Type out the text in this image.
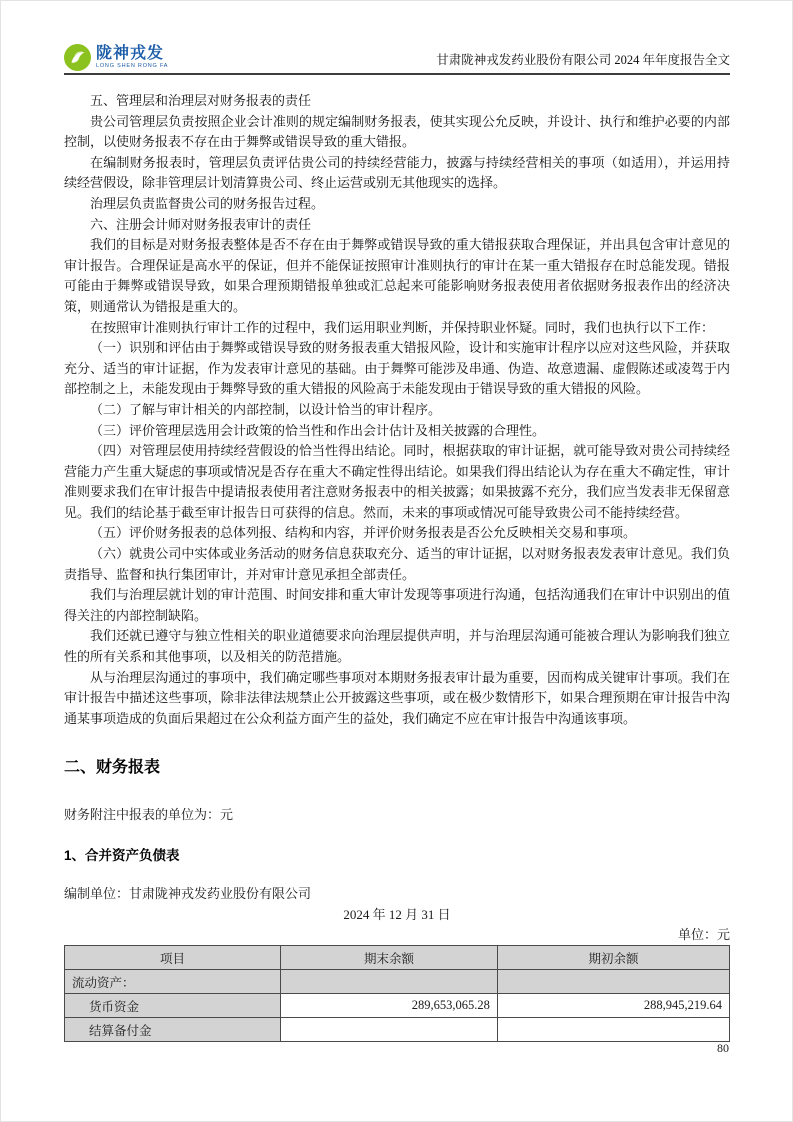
陇神戎发
LONG SHEN RONG FA	甘肃陇神戎发药业股份有限公司 2024 年年度报告全文

五、管理层和治理层对财务报表的责任

贵公司管理层负责按照企业会计准则的规定编制财务报表，使其实现公允反映，并设计、执行和维护必要的内部控制，以使财务报表不存在由于舞弊或错误导致的重大错报。

在编制财务报表时，管理层负责评估贵公司的持续经营能力，披露与持续经营相关的事项（如适用），并运用持续经营假设，除非管理层计划清算贵公司、终止运营或别无其他现实的选择。

治理层负责监督贵公司的财务报告过程。

六、注册会计师对财务报表审计的责任

我们的目标是对财务报表整体是否不存在由于舞弊或错误导致的重大错报获取合理保证，并出具包含审计意见的审计报告。合理保证是高水平的保证，但并不能保证按照审计准则执行的审计在某一重大错报存在时总能发现。错报可能由于舞弊或错误导致，如果合理预期错报单独或汇总起来可能影响财务报表使用者依据财务报表作出的经济决策，则通常认为错报是重大的。

在按照审计准则执行审计工作的过程中，我们运用职业判断，并保持职业怀疑。同时，我们也执行以下工作：

（一）识别和评估由于舞弊或错误导致的财务报表重大错报风险，设计和实施审计程序以应对这些风险，并获取充分、适当的审计证据，作为发表审计意见的基础。由于舞弊可能涉及串通、伪造、故意遗漏、虚假陈述或凌驾于内部控制之上，未能发现由于舞弊导致的重大错报的风险高于未能发现由于错误导致的重大错报的风险。

（二）了解与审计相关的内部控制，以设计恰当的审计程序。

（三）评价管理层选用会计政策的恰当性和作出会计估计及相关披露的合理性。

（四）对管理层使用持续经营假设的恰当性得出结论。同时，根据获取的审计证据，就可能导致对贵公司持续经营能力产生重大疑虑的事项或情况是否存在重大不确定性得出结论。如果我们得出结论认为存在重大不确定性，审计准则要求我们在审计报告中提请报表使用者注意财务报表中的相关披露；如果披露不充分，我们应当发表非无保留意见。我们的结论基于截至审计报告日可获得的信息。然而，未来的事项或情况可能导致贵公司不能持续经营。

（五）评价财务报表的总体列报、结构和内容，并评价财务报表是否公允反映相关交易和事项。

（六）就贵公司中实体或业务活动的财务信息获取充分、适当的审计证据，以对财务报表发表审计意见。我们负责指导、监督和执行集团审计，并对审计意见承担全部责任。

我们与治理层就计划的审计范围、时间安排和重大审计发现等事项进行沟通，包括沟通我们在审计中识别出的值得关注的内部控制缺陷。

我们还就已遵守与独立性相关的职业道德要求向治理层提供声明，并与治理层沟通可能被合理认为影响我们独立性的所有关系和其他事项，以及相关的防范措施。

从与治理层沟通过的事项中，我们确定哪些事项对本期财务报表审计最为重要，因而构成关键审计事项。我们在审计报告中描述这些事项，除非法律法规禁止公开披露这些事项，或在极少数情形下，如果合理预期在审计报告中沟通某事项造成的负面后果超过在公众利益方面产生的益处，我们确定不应在审计报告中沟通该事项。

二、财务报表

财务附注中报表的单位为：元

1、合并资产负债表

编制单位：甘肃陇神戎发药业股份有限公司

2024 年 12 月 31 日

单位：元

项目	期末余额	期初余额
流动资产：		
货币资金	289,653,065.28	288,945,219.64
结算备付金		
80
